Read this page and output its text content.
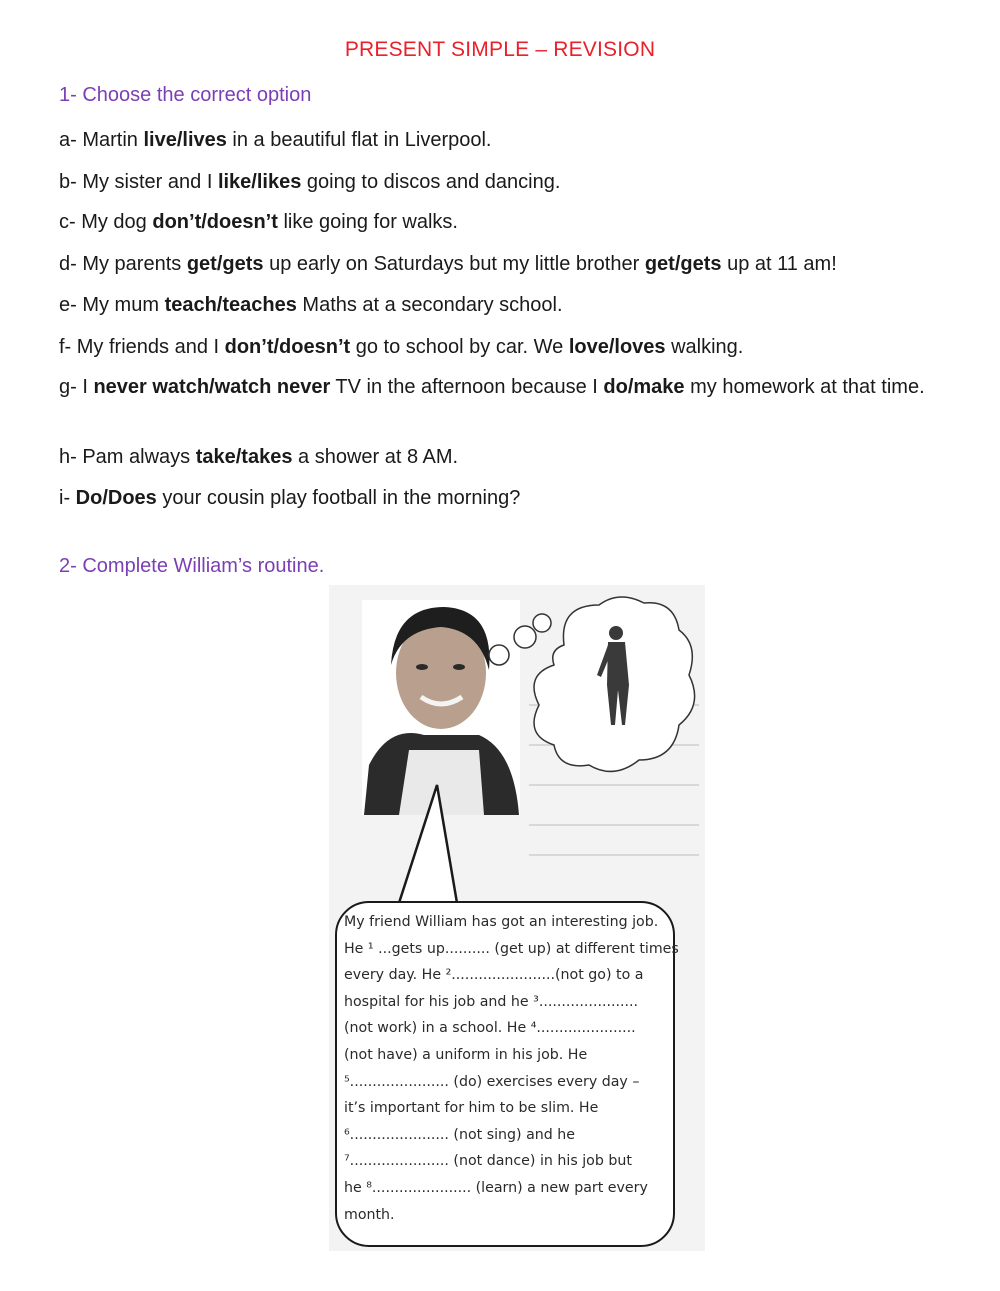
PRESENT SIMPLE – REVISION
1- Choose the correct option
a- Martin live/lives in a beautiful flat in Liverpool.
b- My sister and I like/likes going to discos and dancing.
c- My dog don’t/doesn’t like going for walks.
d- My parents get/gets up early on Saturdays but my little brother get/gets up at 11 am!
e- My mum teach/teaches Maths at a secondary school.
f- My friends and I don’t/doesn’t go to school by car. We love/loves walking.
g- I never watch/watch never TV in the afternoon because I do/make my homework at that time.
h- Pam always take/takes a shower at 8 AM.
i- Do/Does your cousin play football in the morning?
2- Complete William’s routine.
My friend William has got an interesting job.
He ¹ ...gets up.......... (get up) at different times
every day. He ².......................(not go) to a
hospital for his job and he ³......................
(not work) in a school. He ⁴......................
(not have) a uniform in his job. He
⁵...................... (do) exercises every day –
it’s important for him to be slim. He
⁶...................... (not sing) and he
⁷...................... (not dance) in his job but
he ⁸...................... (learn) a new part every
month.
